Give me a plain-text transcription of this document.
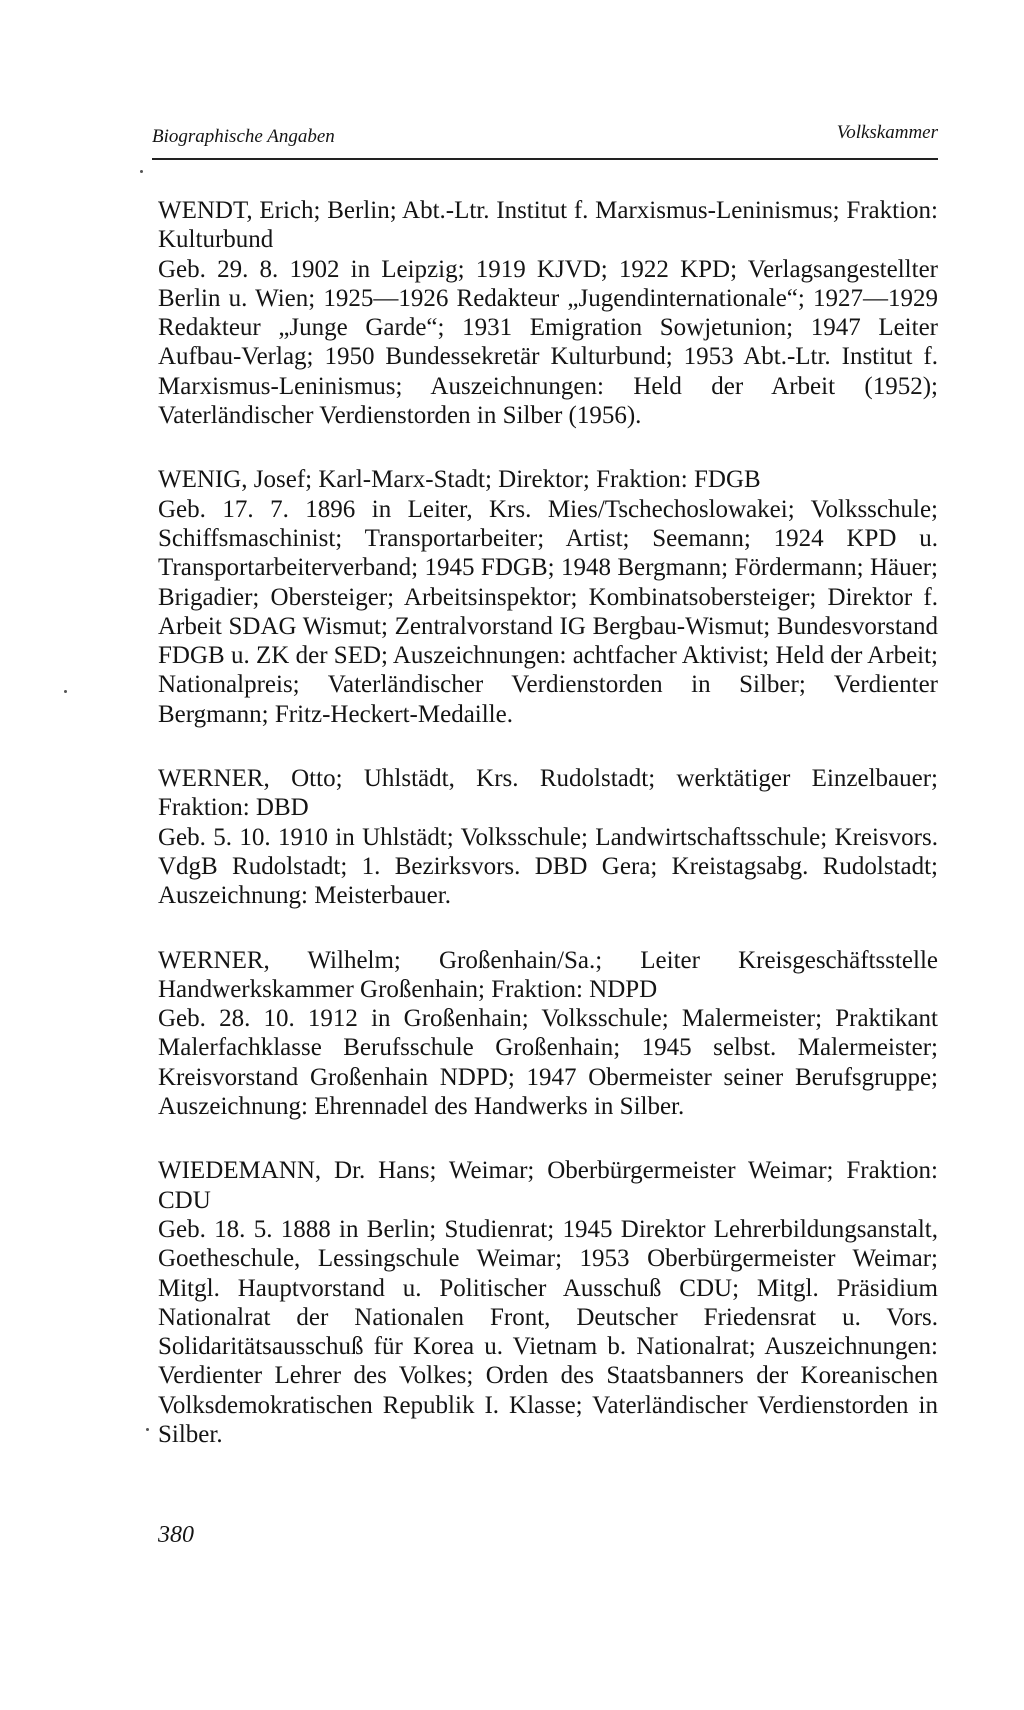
Biographische Angaben	Volkskammer
WENDT, Erich; Berlin; Abt.-Ltr. Institut f. Marxismus-Leninismus; Fraktion: Kulturbund
Geb. 29. 8. 1902 in Leipzig; 1919 KJVD; 1922 KPD; Verlagsangestellter Berlin u. Wien; 1925—1926 Redakteur „Jugendinternationale“; 1927—1929 Redakteur „Junge Garde“; 1931 Emigration Sowjetunion; 1947 Leiter Aufbau-Verlag; 1950 Bundessekretär Kulturbund; 1953 Abt.-Ltr. Institut f. Marxismus-Leninismus; Auszeichnungen: Held der Arbeit (1952); Vaterländischer Verdienstorden in Silber (1956).
WENIG, Josef; Karl-Marx-Stadt; Direktor; Fraktion: FDGB
Geb. 17. 7. 1896 in Leiter, Krs. Mies/Tschechoslowakei; Volksschule; Schiffsmaschinist; Transportarbeiter; Artist; Seemann; 1924 KPD u. Transportarbeiterverband; 1945 FDGB; 1948 Bergmann; Fördermann; Häuer; Brigadier; Obersteiger; Arbeitsinspektor; Kombinatsobersteiger; Direktor f. Arbeit SDAG Wismut; Zentralvorstand IG Bergbau-Wismut; Bundesvorstand FDGB u. ZK der SED; Auszeichnungen: achtfacher Aktivist; Held der Arbeit; Nationalpreis; Vaterländischer Verdienstorden in Silber; Verdienter Bergmann; Fritz-Heckert-Medaille.
WERNER, Otto; Uhlstädt, Krs. Rudolstadt; werktätiger Einzelbauer; Fraktion: DBD
Geb. 5. 10. 1910 in Uhlstädt; Volksschule; Landwirtschaftsschule; Kreisvors. VdgB Rudolstadt; 1. Bezirksvors. DBD Gera; Kreistagsabg. Rudolstadt; Auszeichnung: Meisterbauer.
WERNER, Wilhelm; Großenhain/Sa.; Leiter Kreisgeschäftsstelle Handwerkskammer Großenhain; Fraktion: NDPD
Geb. 28. 10. 1912 in Großenhain; Volksschule; Malermeister; Praktikant Malerfachklasse Berufsschule Großenhain; 1945 selbst. Malermeister; Kreisvorstand Großenhain NDPD; 1947 Obermeister seiner Berufsgruppe; Auszeichnung: Ehrennadel des Handwerks in Silber.
WIEDEMANN, Dr. Hans; Weimar; Oberbürgermeister Weimar; Fraktion: CDU
Geb. 18. 5. 1888 in Berlin; Studienrat; 1945 Direktor Lehrerbildungsanstalt, Goetheschule, Lessingschule Weimar; 1953 Oberbürgermeister Weimar; Mitgl. Hauptvorstand u. Politischer Ausschuß CDU; Mitgl. Präsidium Nationalrat der Nationalen Front, Deutscher Friedensrat u. Vors. Solidaritätsausschuß für Korea u. Vietnam b. Nationalrat; Auszeichnungen: Verdienter Lehrer des Volkes; Orden des Staatsbanners der Koreanischen Volksdemokratischen Republik I. Klasse; Vaterländischer Verdienstorden in Silber.
380
